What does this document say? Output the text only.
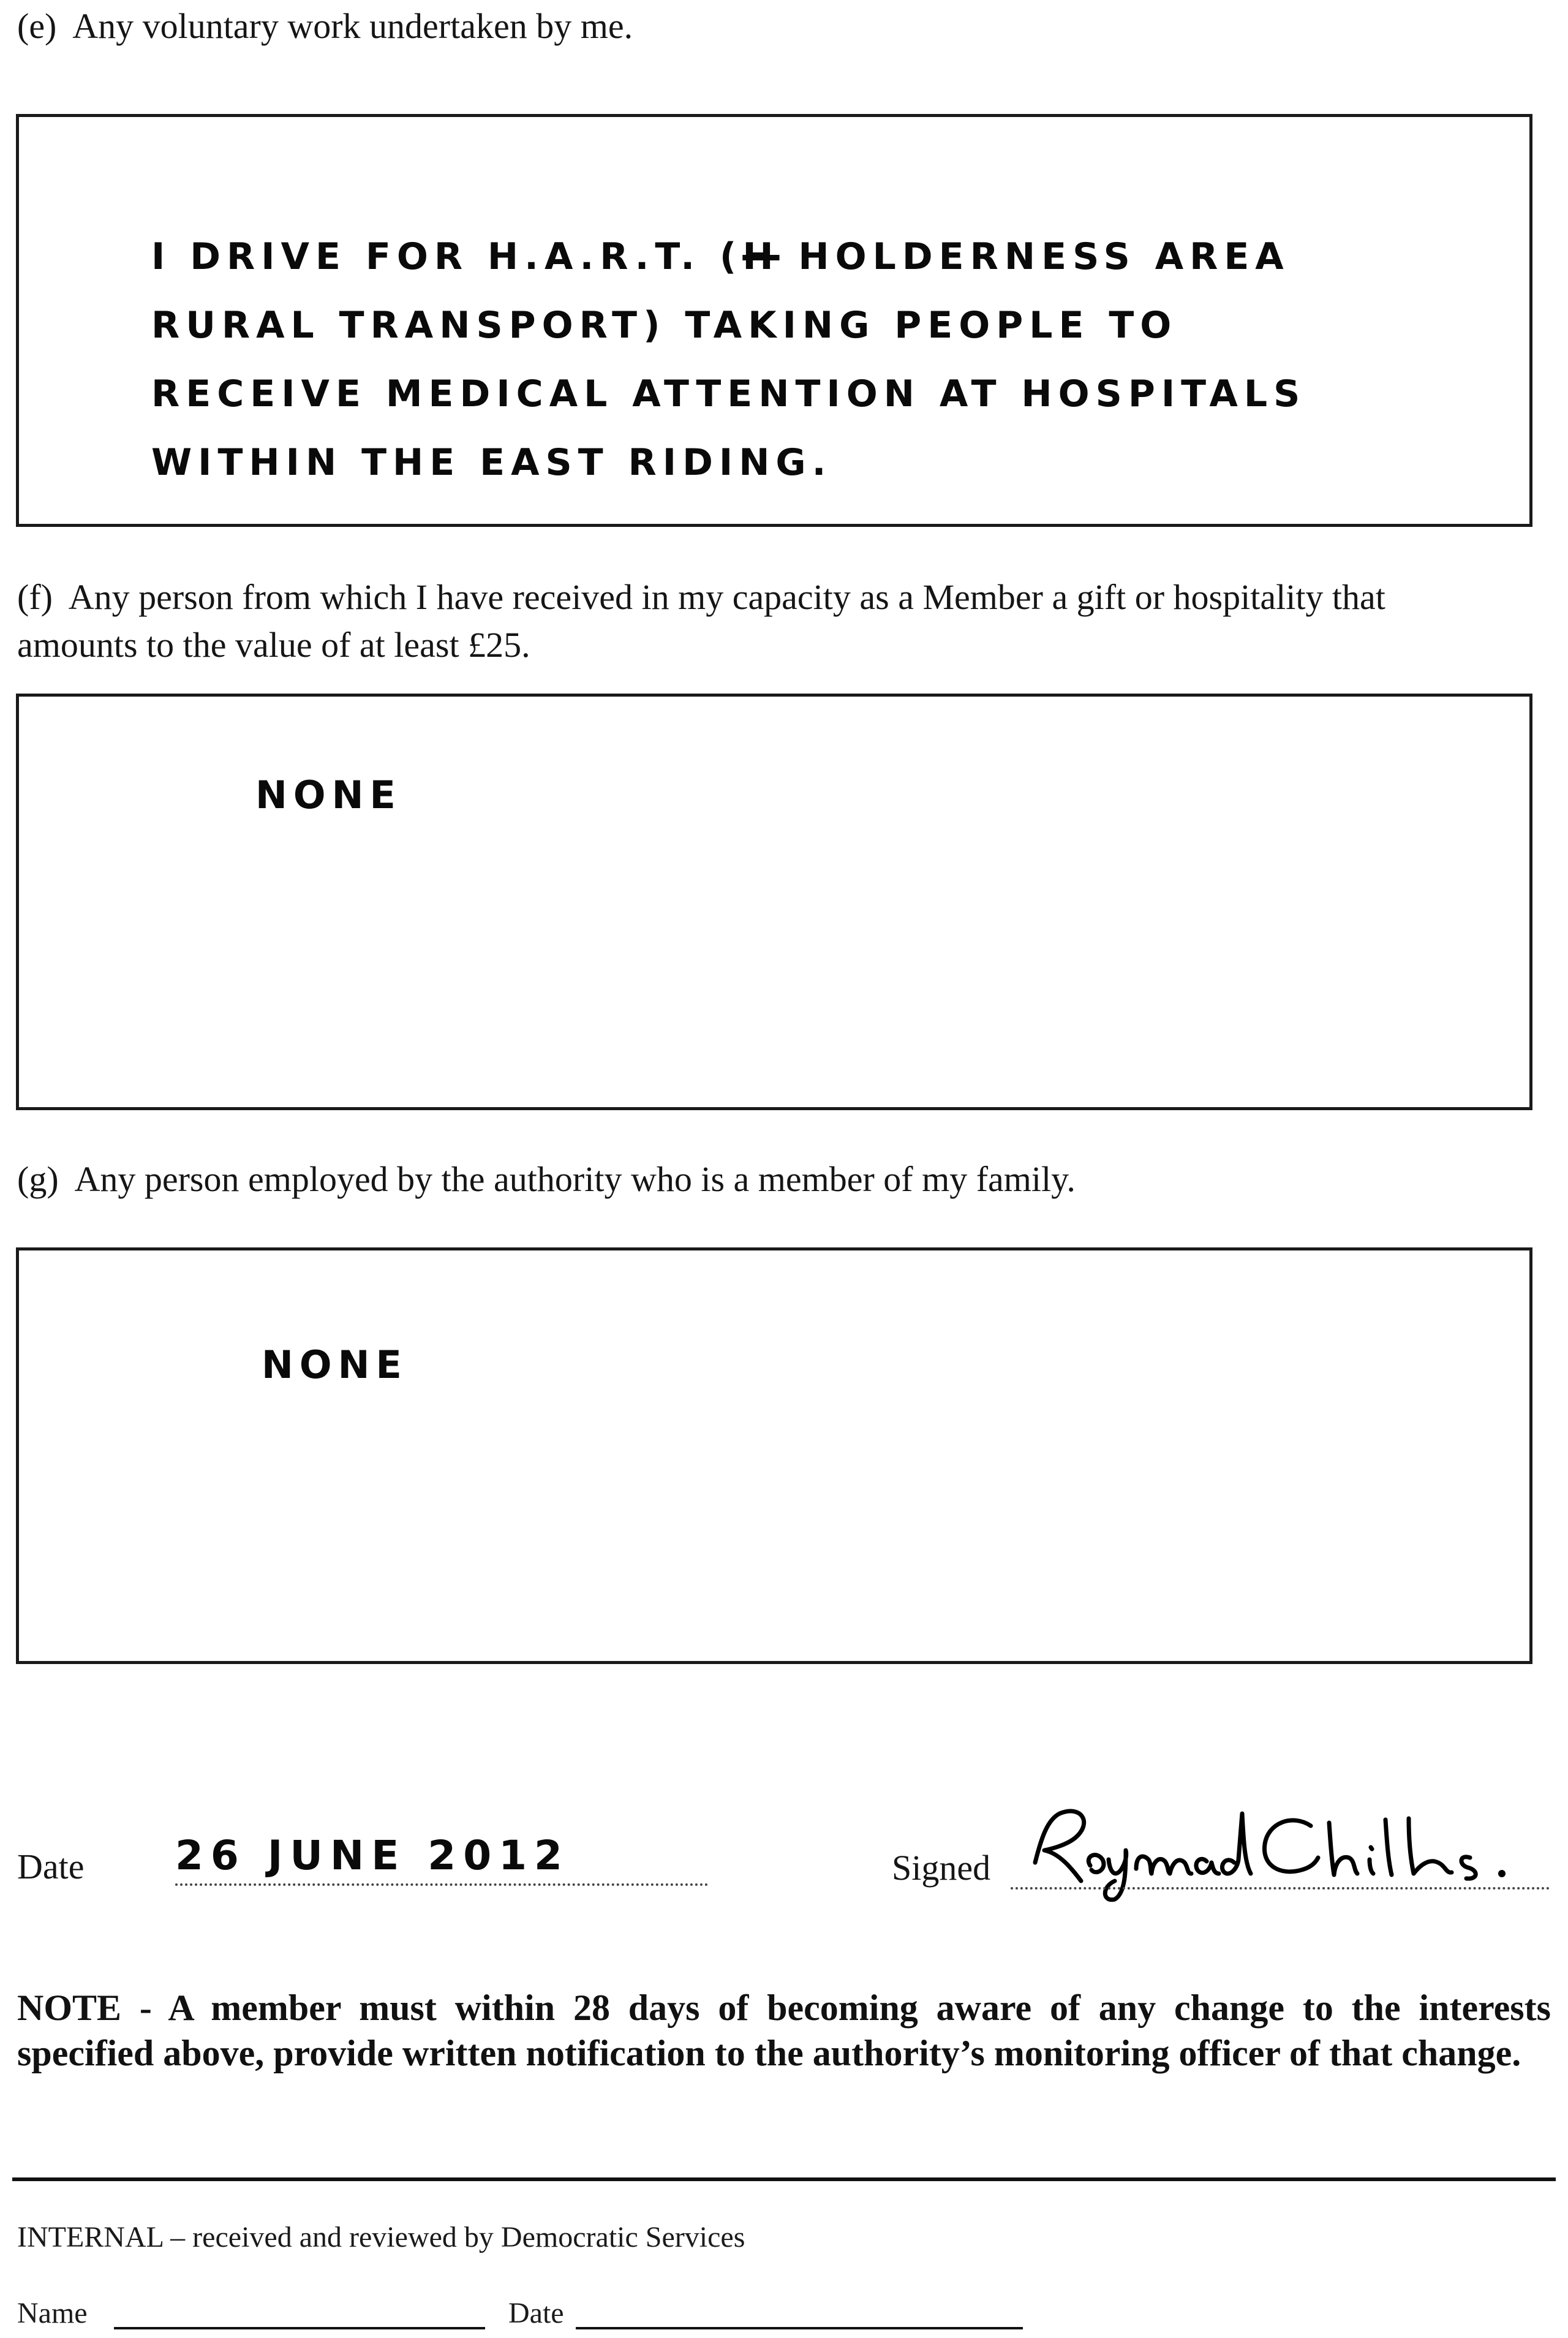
(e) Any voluntary work undertaken by me.
I DRIVE FOR H.A.R.T. (H HOLDERNESS AREA
RURAL TRANSPORT) TAKING PEOPLE TO
RECEIVE MEDICAL ATTENTION AT HOSPITALS
WITHIN THE EAST RIDING.
(f) Any person from which I have received in my capacity as a Member a gift or hospitality that
amounts to the value of at least £25.
NONE
(g) Any person employed by the authority who is a member of my family.
NONE
Date 26 JUNE 2012	Signed
NOTE - A member must within 28 days of becoming aware of any change to the interests specified above, provide written notification to the authority’s monitoring officer of that change.
INTERNAL – received and reviewed by Democratic Services
Name	Date
